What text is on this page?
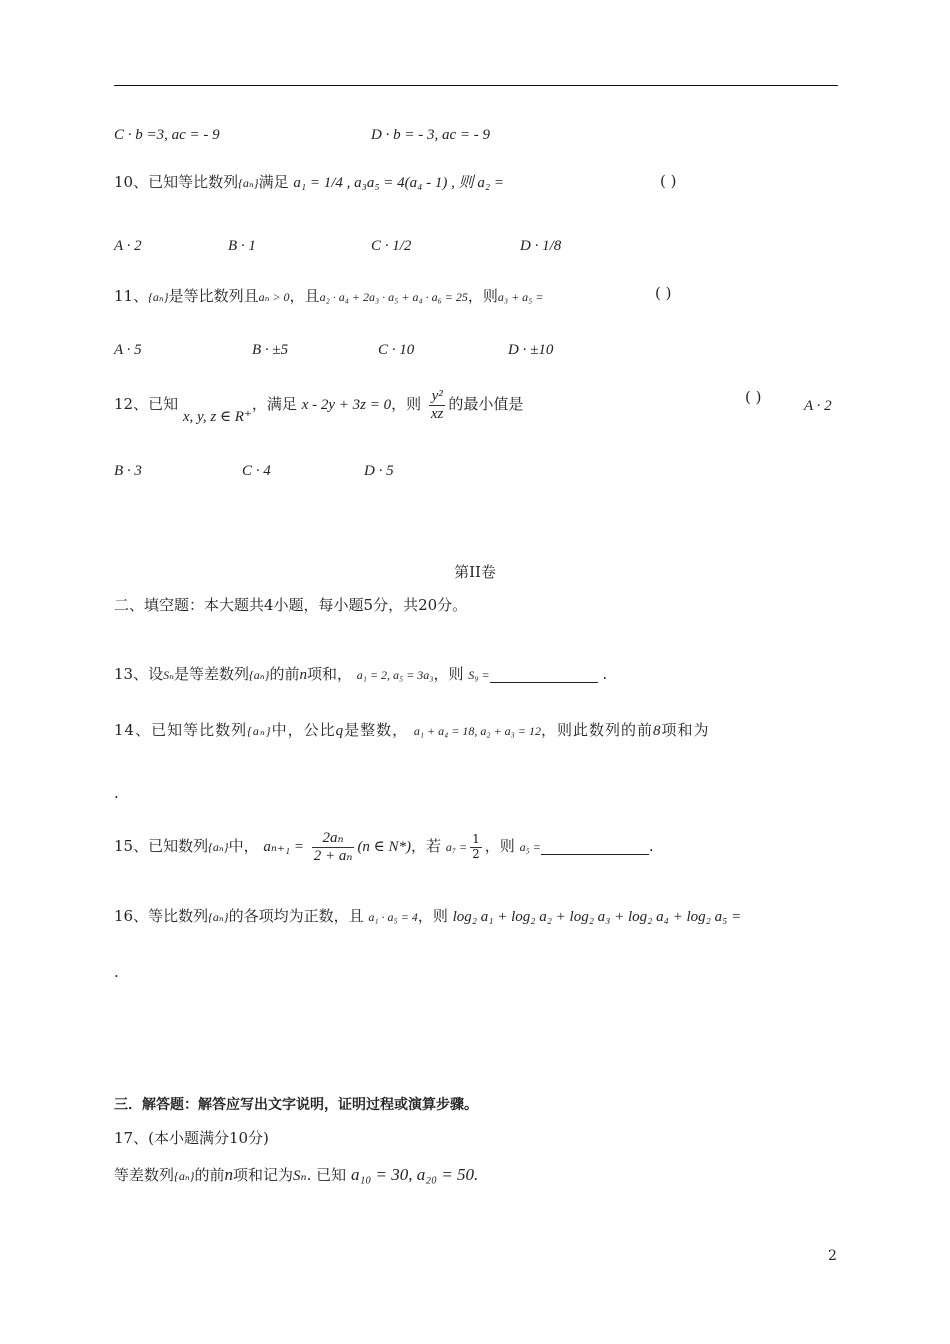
C · b =3, ac = - 9	D · b = - 3, ac = - 9
10、已知等比数列{aₙ}满足 a₁ = 1/4 , a₃a₅ = 4(a₄ - 1) , 则 a₂ =	( )
A · 2	B · 1	C · 1/2	D · 1/8
11、{aₙ}是等比数列且aₙ > 0，且a₂ · a₄ + 2a₃ · a₅ + a₄ · a₆ = 25，则a₃ + a₅ =	( )
A · 5	B · ±5	C · 10	D · ±10
12、已知 x, y, z ∈ R⁺，满足 x - 2y + 3z = 0，则 $\frac{\text{y²}}{xz}$ 的最小值是	( )	A · 2
B · 3	C · 4	D · 5
第II卷
二、填空题：本大题共4小题，每小题5分，共20分。
13、设Sₙ是等差数列{aₙ}的前n项和， a₁ = 2, a₅ = 3a₃，则 S₉ =	.
14、已知等比数列{aₙ}中，公比q是整数， a₁ + a₄ = 18, a₂ + a₃ = 12，则此数列的前8项和为
.
15、已知数列{aₙ}中， $a_{n+1} = \frac{\text{2aₙ}}{\text{2 + aₙ}} (n$ ∈ N*)，若 $a_7 = \frac{1}{2}$ ，则 a₅ =	.
16、等比数列{aₙ}的各项均为正数，且 a₁ · a₅ = 4，则 log₂ a₁ + log₂ a₂ + log₂ a₃ + log₂ a₄ + log₂ a₅ =
.
三．解答题：解答应写出文字说明，证明过程或演算步骤。
17、(本小题满分10分)
等差数列{aₙ}的前n项和记为Sₙ. 已知 a₁₀ = 30, a₂₀ = 50.
2
